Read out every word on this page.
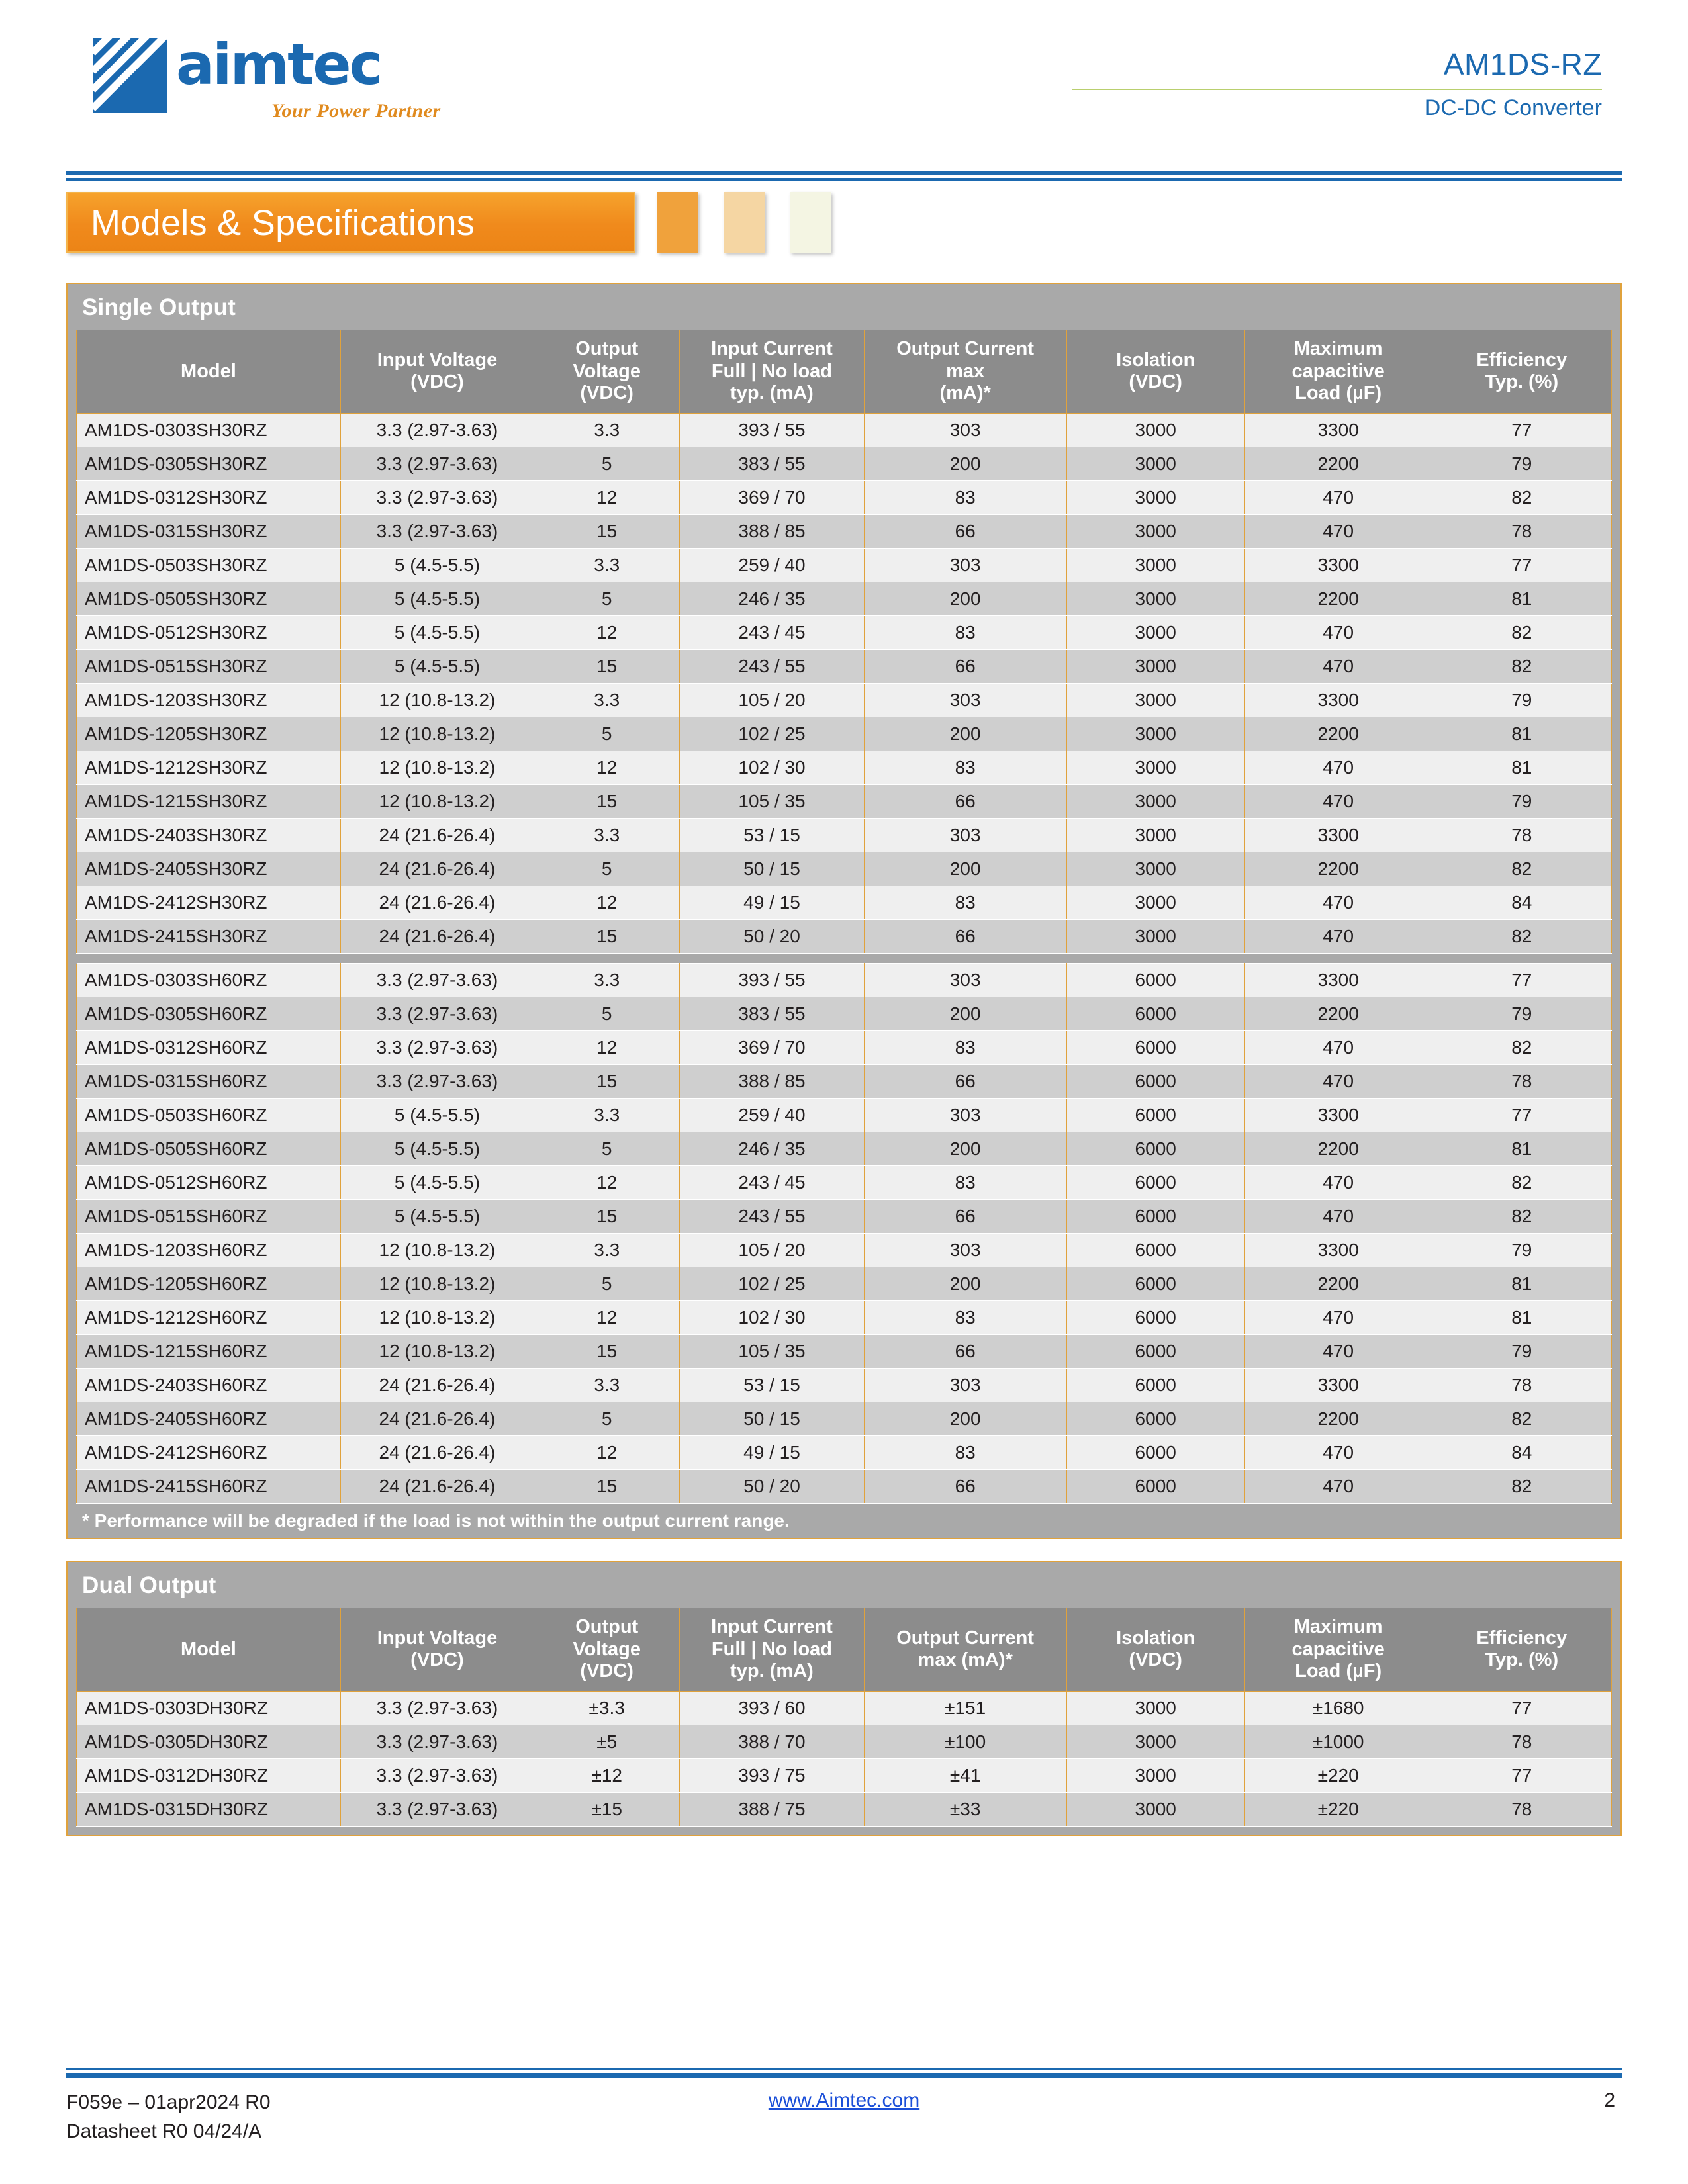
aimtec
Your Power Partner
AM1DS-RZ
DC-DC Converter
Models & Specifications

Single Output
Model

Input Voltage
(VDC)

Output
Voltage
(VDC)

Input Current
Full | No load
typ. (mA)

Output Current
max
(mA)*

Isolation
(VDC)

Maximum
capacitive
Load (µF)

Efficiency
Typ. (%)

AM1DS-0303SH30RZ	3.3 (2.97-3.63)	3.3	393 / 55	303	3000	3300	77
AM1DS-0305SH30RZ	3.3 (2.97-3.63)	5	383 / 55	200	3000	2200	79
AM1DS-0312SH30RZ	3.3 (2.97-3.63)	12	369 / 70	83	3000	470	82
AM1DS-0315SH30RZ	3.3 (2.97-3.63)	15	388 / 85	66	3000	470	78
AM1DS-0503SH30RZ	5 (4.5-5.5)	3.3	259 / 40	303	3000	3300	77
AM1DS-0505SH30RZ	5 (4.5-5.5)	5	246 / 35	200	3000	2200	81
AM1DS-0512SH30RZ	5 (4.5-5.5)	12	243 / 45	83	3000	470	82
AM1DS-0515SH30RZ	5 (4.5-5.5)	15	243 / 55	66	3000	470	82
AM1DS-1203SH30RZ	12 (10.8-13.2)	3.3	105 / 20	303	3000	3300	79
AM1DS-1205SH30RZ	12 (10.8-13.2)	5	102 / 25	200	3000	2200	81
AM1DS-1212SH30RZ	12 (10.8-13.2)	12	102 / 30	83	3000	470	81
AM1DS-1215SH30RZ	12 (10.8-13.2)	15	105 / 35	66	3000	470	79
AM1DS-2403SH30RZ	24 (21.6-26.4)	3.3	53 / 15	303	3000	3300	78
AM1DS-2405SH30RZ	24 (21.6-26.4)	5	50 / 15	200	3000	2200	82
AM1DS-2412SH30RZ	24 (21.6-26.4)	12	49 / 15	83	3000	470	84
AM1DS-2415SH30RZ	24 (21.6-26.4)	15	50 / 20	66	3000	470	82

AM1DS-0303SH60RZ	3.3 (2.97-3.63)	3.3	393 / 55	303	6000	3300	77
AM1DS-0305SH60RZ	3.3 (2.97-3.63)	5	383 / 55	200	6000	2200	79
AM1DS-0312SH60RZ	3.3 (2.97-3.63)	12	369 / 70	83	6000	470	82
AM1DS-0315SH60RZ	3.3 (2.97-3.63)	15	388 / 85	66	6000	470	78
AM1DS-0503SH60RZ	5 (4.5-5.5)	3.3	259 / 40	303	6000	3300	77
AM1DS-0505SH60RZ	5 (4.5-5.5)	5	246 / 35	200	6000	2200	81
AM1DS-0512SH60RZ	5 (4.5-5.5)	12	243 / 45	83	6000	470	82
AM1DS-0515SH60RZ	5 (4.5-5.5)	15	243 / 55	66	6000	470	82
AM1DS-1203SH60RZ	12 (10.8-13.2)	3.3	105 / 20	303	6000	3300	79
AM1DS-1205SH60RZ	12 (10.8-13.2)	5	102 / 25	200	6000	2200	81
AM1DS-1212SH60RZ	12 (10.8-13.2)	12	102 / 30	83	6000	470	81
AM1DS-1215SH60RZ	12 (10.8-13.2)	15	105 / 35	66	6000	470	79
AM1DS-2403SH60RZ	24 (21.6-26.4)	3.3	53 / 15	303	6000	3300	78
AM1DS-2405SH60RZ	24 (21.6-26.4)	5	50 / 15	200	6000	2200	82
AM1DS-2412SH60RZ	24 (21.6-26.4)	12	49 / 15	83	6000	470	84
AM1DS-2415SH60RZ	24 (21.6-26.4)	15	50 / 20	66	6000	470	82
* Performance will be degraded if the load is not within the output current range.
Dual Output
Model

Input Voltage
(VDC)

Output
Voltage
(VDC)

Input Current
Full | No load
typ. (mA)

Output Current
max (mA)*

Isolation
(VDC)

Maximum
capacitive
Load (µF)

Efficiency
Typ. (%)

AM1DS-0303DH30RZ	3.3 (2.97-3.63)	±3.3	393 / 60	±151	3000	±1680	77
AM1DS-0305DH30RZ	3.3 (2.97-3.63)	±5	388 / 70	±100	3000	±1000	78
AM1DS-0312DH30RZ	3.3 (2.97-3.63)	±12	393 / 75	±41	3000	±220	77
AM1DS-0315DH30RZ	3.3 (2.97-3.63)	±15	388 / 75	±33	3000	±220	78
F059e – 01apr2024 R0
Datasheet R0 04/24/A
www.Aimtec.com	2
